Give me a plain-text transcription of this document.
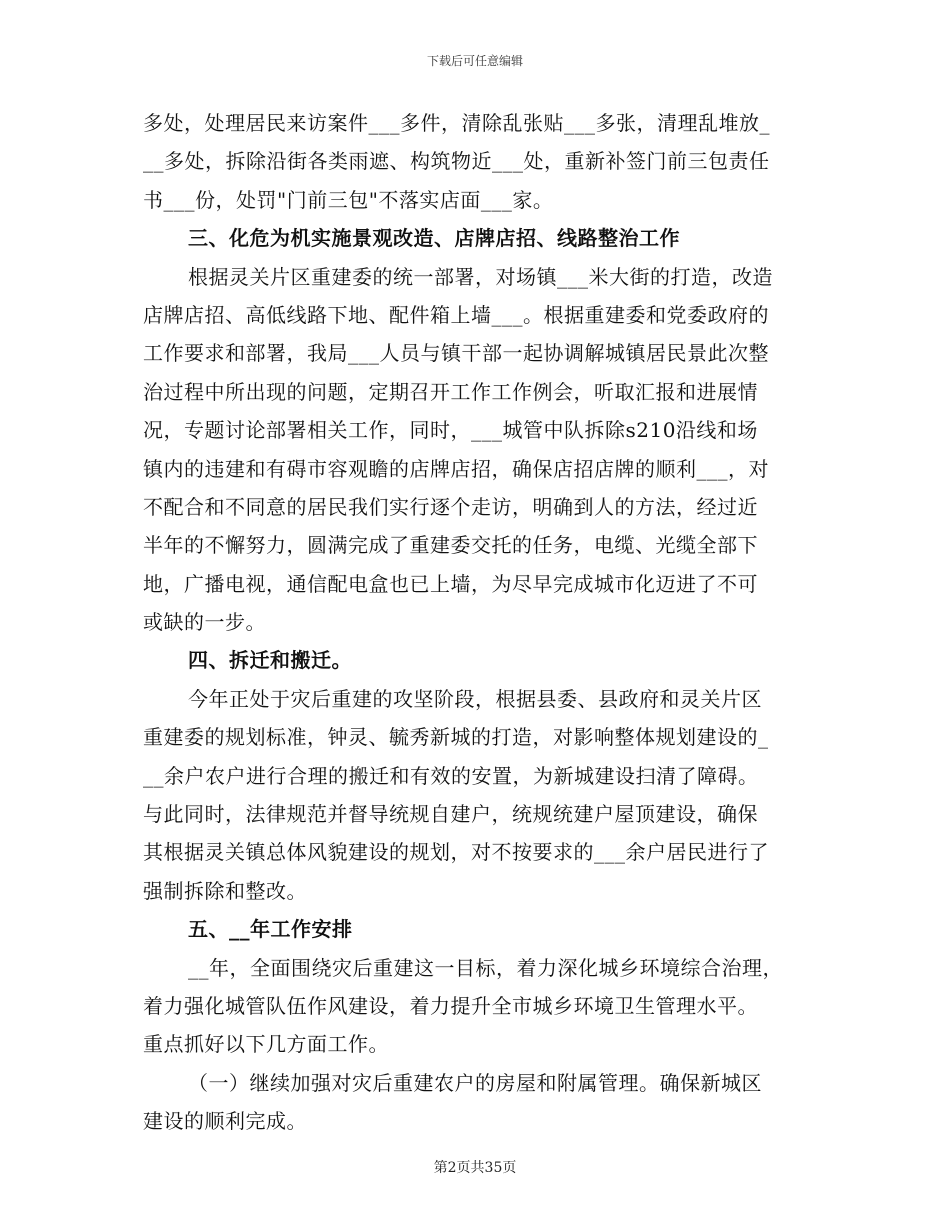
下载后可任意编辑
多处，处理居民来访案件___多件，清除乱张贴___多张，清理乱堆放_
__多处，拆除沿街各类雨遮、构筑物近___处，重新补签门前三包责任
书___份，处罚"门前三包"不落实店面___家。
三、化危为机实施景观改造、店牌店招、线路整治工作
根据灵关片区重建委的统一部署，对场镇___米大街的打造，改造
店牌店招、高低线路下地、配件箱上墙___。根据重建委和党委政府的
工作要求和部署，我局___人员与镇干部一起协调解城镇居民景此次整
治过程中所出现的问题，定期召开工作工作例会，听取汇报和进展情
况，专题讨论部署相关工作，同时，___城管中队拆除s210沿线和场
镇内的违建和有碍市容观瞻的店牌店招，确保店招店牌的顺利___，对
不配合和不同意的居民我们实行逐个走访，明确到人的方法，经过近
半年的不懈努力，圆满完成了重建委交托的任务，电缆、光缆全部下
地，广播电视，通信配电盒也已上墙，为尽早完成城市化迈进了不可
或缺的一步。
四、拆迁和搬迁。
今年正处于灾后重建的攻坚阶段，根据县委、县政府和灵关片区
重建委的规划标准，钟灵、毓秀新城的打造，对影响整体规划建设的_
__余户农户进行合理的搬迁和有效的安置，为新城建设扫清了障碍。
与此同时，法律规范并督导统规自建户，统规统建户屋顶建设，确保
其根据灵关镇总体风貌建设的规划，对不按要求的___余户居民进行了
强制拆除和整改。
五、__年工作安排
__年，全面围绕灾后重建这一目标，着力深化城乡环境综合治理，
着力强化城管队伍作风建设，着力提升全市城乡环境卫生管理水平。
重点抓好以下几方面工作。
（一）继续加强对灾后重建农户的房屋和附属管理。确保新城区
建设的顺利完成。
第2页共35页
